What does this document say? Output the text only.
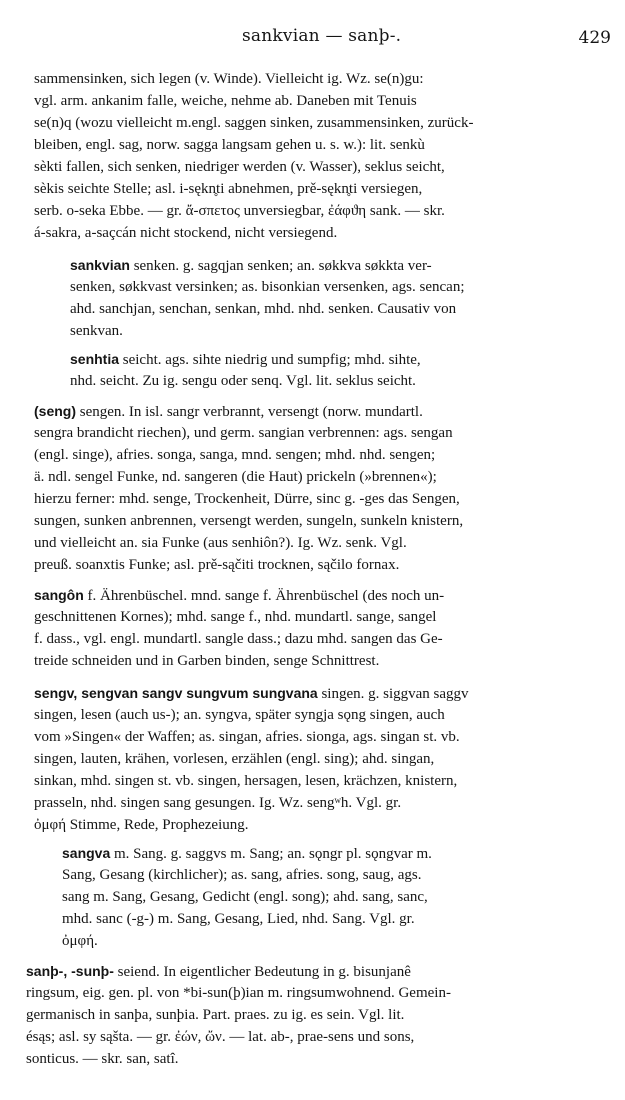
sankvian — sanþ-.	429
sammensinken, sich legen (v. Winde). Vielleicht ig. Wz. se(n)gu:
vgl. arm. ankanim falle, weiche, nehme ab. Daneben mit Tenuis
se(n)q (wozu vielleicht m.engl. saggen sinken, zusammensinken, zurück-
bleiben, engl. sag, norw. sagga langsam gehen u. s. w.): lit. senkù
sèkti fallen, sich senken, niedriger werden (v. Wasser), seklus seicht,
sèkis seichte Stelle; asl. i-sękn̥ti abnehmen, prě-sękn̥ti versiegen,
serb. o-seka Ebbe. — gr. ἄ-σπετος unversiegbar, ἐάφϑη sank. — skr.
á-sakra, a-saçcán nicht stockend, nicht versiegend.
sankvian senken. g. sagqjan senken; an. søkkva søkkta ver-
senken, søkkvast versinken; as. bisonkian versenken, ags. sencan;
ahd. sanchjan, senchan, senkan, mhd. nhd. senken. Causativ von
senkvan.
senhtia seicht. ags. sihte niedrig und sumpfig; mhd. sihte,
nhd. seicht. Zu ig. sengu oder senq. Vgl. lit. seklus seicht.
(seng) sengen. In isl. sangr verbrannt, versengt (norw. mundartl.
sengra brandicht riechen), und germ. sangian verbrennen: ags. sengan
(engl. singe), afries. songa, sanga, mnd. sengen; mhd. nhd. sengen;
ä. ndl. sengel Funke, nd. sangeren (die Haut) prickeln (»brennen«);
hierzu ferner: mhd. senge, Trockenheit, Dürre, sinc g. -ges das Sengen,
sungen, sunken anbrennen, versengt werden, sungeln, sunkeln knistern,
und vielleicht an. sia Funke (aus senhiôn?). Ig. Wz. senk. Vgl.
preuß. soanxtis Funke; asl. prě-sąčiti trocknen, sąčilo fornax.
sangôn f. Ährenbüschel. mnd. sange f. Ährenbüschel (des noch un-
geschnittenen Kornes); mhd. sange f., nhd. mundartl. sange, sangel
f. dass., vgl. engl. mundartl. sangle dass.; dazu mhd. sangen das Ge-
treide schneiden und in Garben binden, senge Schnittrest.
sengv, sengvan sangv sungvum sungvana singen. g. siggvan saggv
singen, lesen (auch us-); an. syngva, später syngja sǫng singen, auch
vom »Singen« der Waffen; as. singan, afries. sionga, ags. singan st. vb.
singen, lauten, krähen, vorlesen, erzählen (engl. sing); ahd. singan,
sinkan, mhd. singen st. vb. singen, hersagen, lesen, krächzen, knistern,
prasseln, nhd. singen sang gesungen. Ig. Wz. sengʷh. Vgl. gr.
ὀμφή Stimme, Rede, Prophezeiung.
sangva m. Sang. g. saggvs m. Sang; an. sǫngr pl. sǫngvar m.
Sang, Gesang (kirchlicher); as. sang, afries. song, saug, ags.
sang m. Sang, Gesang, Gedicht (engl. song); ahd. sang, sanc,
mhd. sanc (-g-) m. Sang, Gesang, Lied, nhd. Sang. Vgl. gr.
ὀμφή.
sanþ-, -sunþ- seiend. In eigentlicher Bedeutung in g. bisunjanê
ringsum, eig. gen. pl. von *bi-sun(þ)ian m. ringsumwohnend. Gemein-
germanisch in sanþa, sunþia. Part. praes. zu ig. es sein. Vgl. lit.
ésąs; asl. sy sąšta. — gr. ἐών, ὤν. — lat. ab-, prae-sens und sons,
sonticus. — skr. san, satî.
